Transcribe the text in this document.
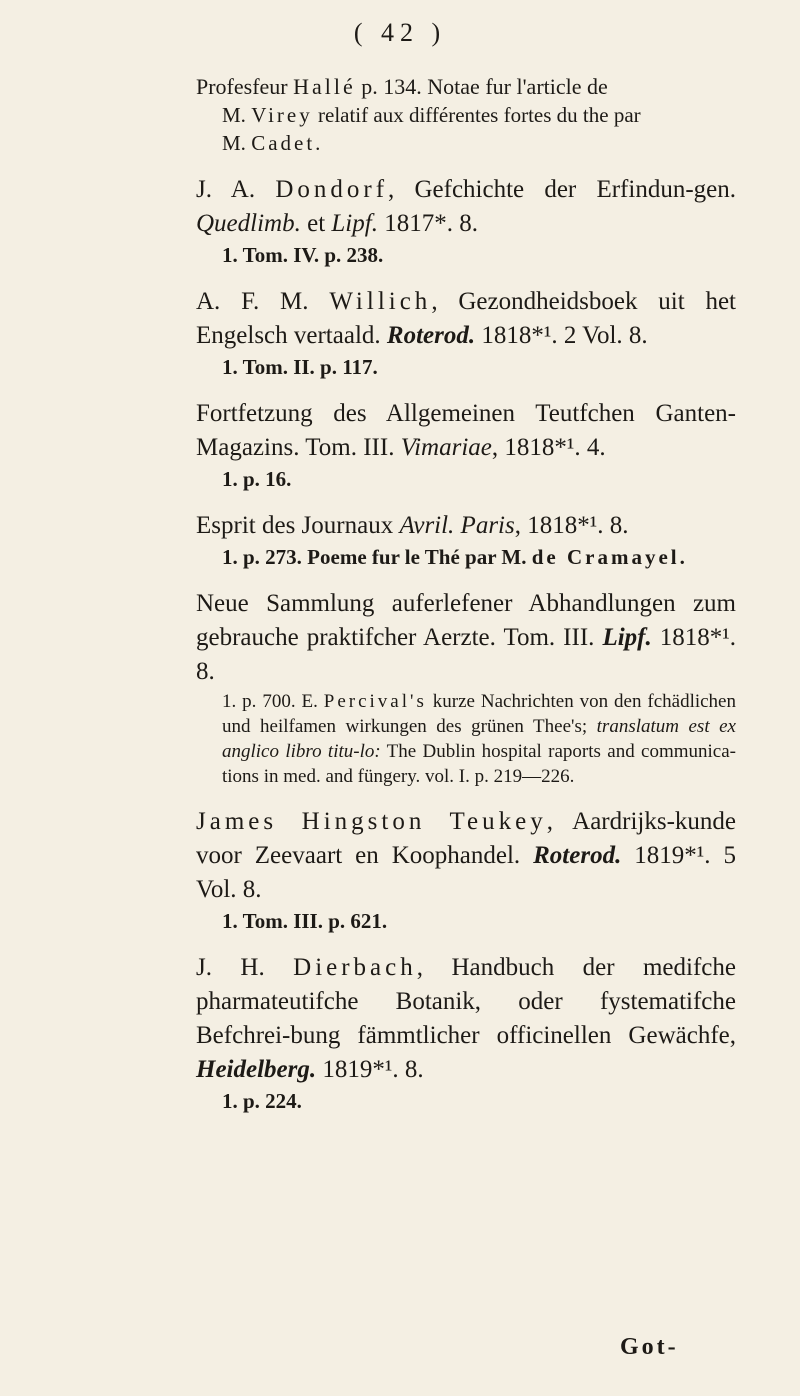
( 42 )
Profesfeur Hallé p. 134. Notae fur l'article de
M. Virey relatif aux différentes fortes du the par
M. Cadet.
J. A. Dondorf, Gefchichte der Erfindun-gen. Quedlimb. et Lipf. 1817*. 8.
1. Tom. IV. p. 238.
A. F. M. Willich, Gezondheidsboek uit het Engelsch vertaald. Roterod. 1818*¹. 2 Vol. 8.
1. Tom. II. p. 117.
Fortfetzung des Allgemeinen Teutfchen Ganten-Magazins. Tom. III. Vimariae, 1818*¹. 4.
1. p. 16.
Esprit des Journaux Avril. Paris, 1818*¹. 8.
1. p. 273. Poeme fur le Thé par M. de Cramayel.
Neue Sammlung auferlefener Abhandlungen zum gebrauche praktifcher Aerzte. Tom. III. Lipf. 1818*¹. 8.
1. p. 700. E. Percival's kurze Nachrichten von den fchädlichen und heilfamen wirkungen des grünen Thee's; translatum est ex anglico libro titu-lo: The Dublin hospital raports and communica-tions in med. and füngery. vol. I. p. 219—226.
James Hingston Teukey, Aardrijks-kunde voor Zeevaart en Koophandel. Roterod. 1819*¹. 5 Vol. 8.
1. Tom. III. p. 621.
J. H. Dierbach, Handbuch der medifche pharmateutifche Botanik, oder fystematifche Befchrei-bung fämmtlicher officinellen Gewächfe, Heidelberg. 1819*¹. 8.
1. p. 224.
Got-
